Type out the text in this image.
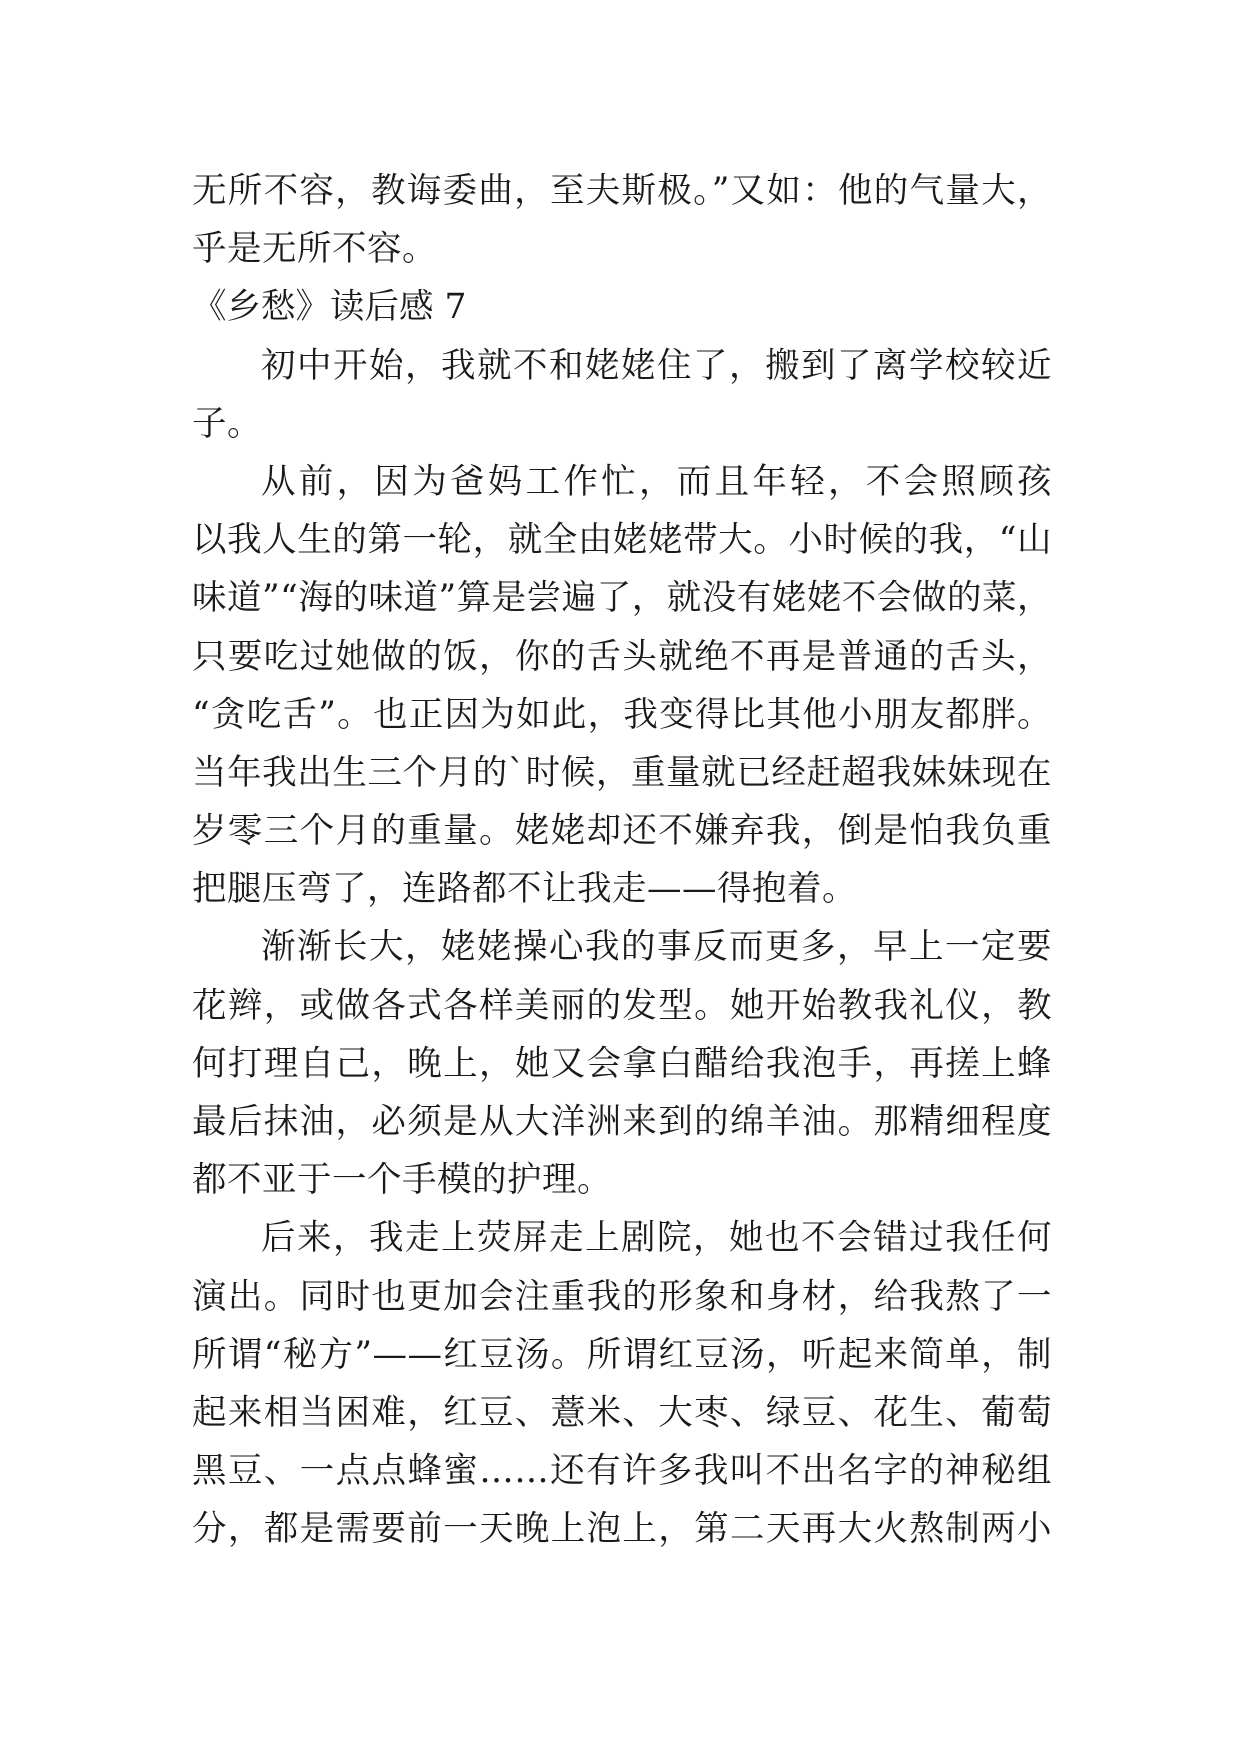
无所不容，教诲委曲，至夫斯极。”又如：他的气量大，
乎是无所不容。
《乡愁》读后感 7
初中开始，我就不和姥姥住了，搬到了离学校较近
子。
从前，因为爸妈工作忙，而且年轻，不会照顾孩
以我人生的第一轮，就全由姥姥带大。小时候的我，“山
味道”“海的味道”算是尝遍了，就没有姥姥不会做的菜，
只要吃过她做的饭，你的舌头就绝不再是普通的舌头，
“贪吃舌”。也正因为如此，我变得比其他小朋友都胖。
当年我出生三个月的`时候，重量就已经赶超我妹妹现在
岁零三个月的重量。姥姥却还不嫌弃我，倒是怕我负重
把腿压弯了，连路都不让我走——得抱着。
渐渐长大，姥姥操心我的事反而更多，早上一定要
花辫，或做各式各样美丽的发型。她开始教我礼仪，教
何打理自己，晚上，她又会拿白醋给我泡手，再搓上蜂
最后抹油，必须是从大洋洲来到的绵羊油。那精细程度
都不亚于一个手模的护理。
后来，我走上荧屏走上剧院，她也不会错过我任何
演出。同时也更加会注重我的形象和身材，给我熬了一
所谓“秘方”——红豆汤。所谓红豆汤，听起来简单，制
起来相当困难，红豆、薏米、大枣、绿豆、花生、葡萄
黑豆、一点点蜂蜜……还有许多我叫不出名字的神秘组
分，都是需要前一天晚上泡上，第二天再大火熬制两小
